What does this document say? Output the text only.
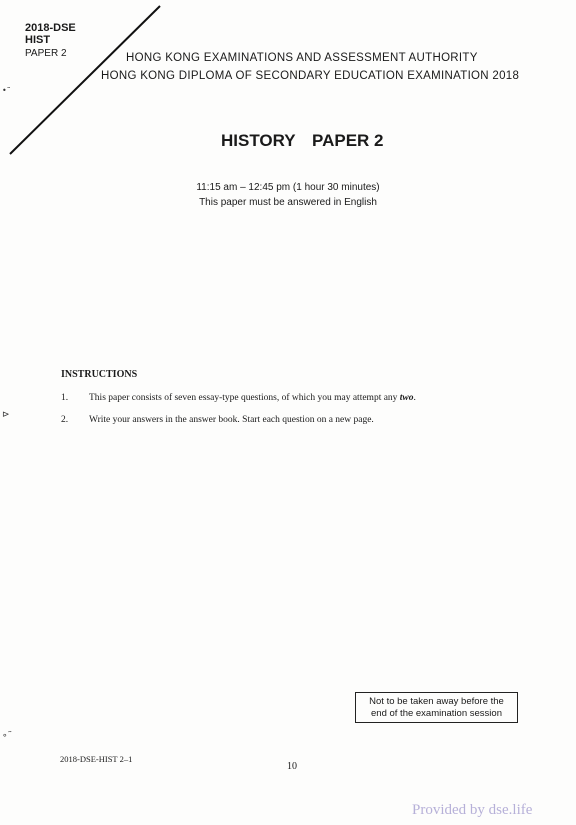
2018-DSE
HIST
PAPER 2	HONG KONG EXAMINATIONS AND ASSESSMENT AUTHORITY
HONG KONG DIPLOMA OF SECONDARY EDUCATION EXAMINATION 2018
HISTORY PAPER 2
11:15 am – 12:45 pm (1 hour 30 minutes)
This paper must be answered in English
INSTRUCTIONS
1. This paper consists of seven essay-type questions, of which you may attempt any two.
2. Write your answers in the answer book. Start each question on a new page.
Not to be taken away before the
end of the examination session
2018-DSE-HIST 2–1
10
Provided by dse.life
•˜
⊳
∘˜
